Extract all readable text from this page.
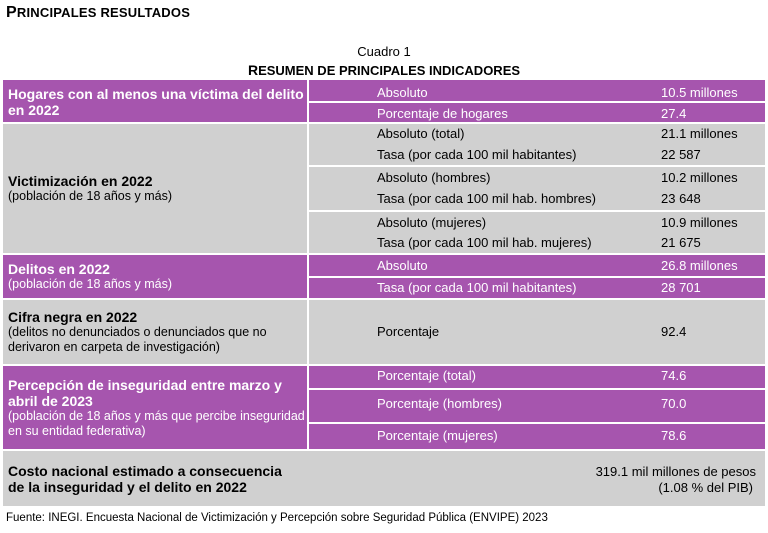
PRINCIPALES RESULTADOS
Cuadro 1
RESUMEN DE PRINCIPALES INDICADORES
Hogares con al menos una víctima del delito en 2022
Absoluto	10.5 millones
Porcentaje de hogares	27.4
Victimización en 2022
(población de 18 años y más)
Absoluto (total)	21.1 millones
Tasa (por cada 100 mil habitantes)	22 587
Absoluto (hombres)	10.2 millones
Tasa (por cada 100 mil hab. hombres)	23 648
Absoluto (mujeres)	10.9 millones
Tasa (por cada 100 mil hab. mujeres)	21 675
Delitos en 2022
(población de 18 años y más)
Absoluto	26.8 millones
Tasa (por cada 100 mil habitantes)	28 701
Cifra negra en 2022
(delitos no denunciados o denunciados que no derivaron en carpeta de investigación)
Porcentaje	92.4
Percepción de inseguridad entre marzo y abril de 2023
(población de 18 años y más que percibe inseguridad en su entidad federativa)
Porcentaje (total)	74.6
Porcentaje (hombres)	70.0
Porcentaje (mujeres)	78.6
Costo nacional estimado a consecuencia de la inseguridad y el delito en 2022
319.1 mil millones de pesos
(1.08 % del PIB)
Fuente: INEGI. Encuesta Nacional de Victimización y Percepción sobre Seguridad Pública (ENVIPE) 2023
